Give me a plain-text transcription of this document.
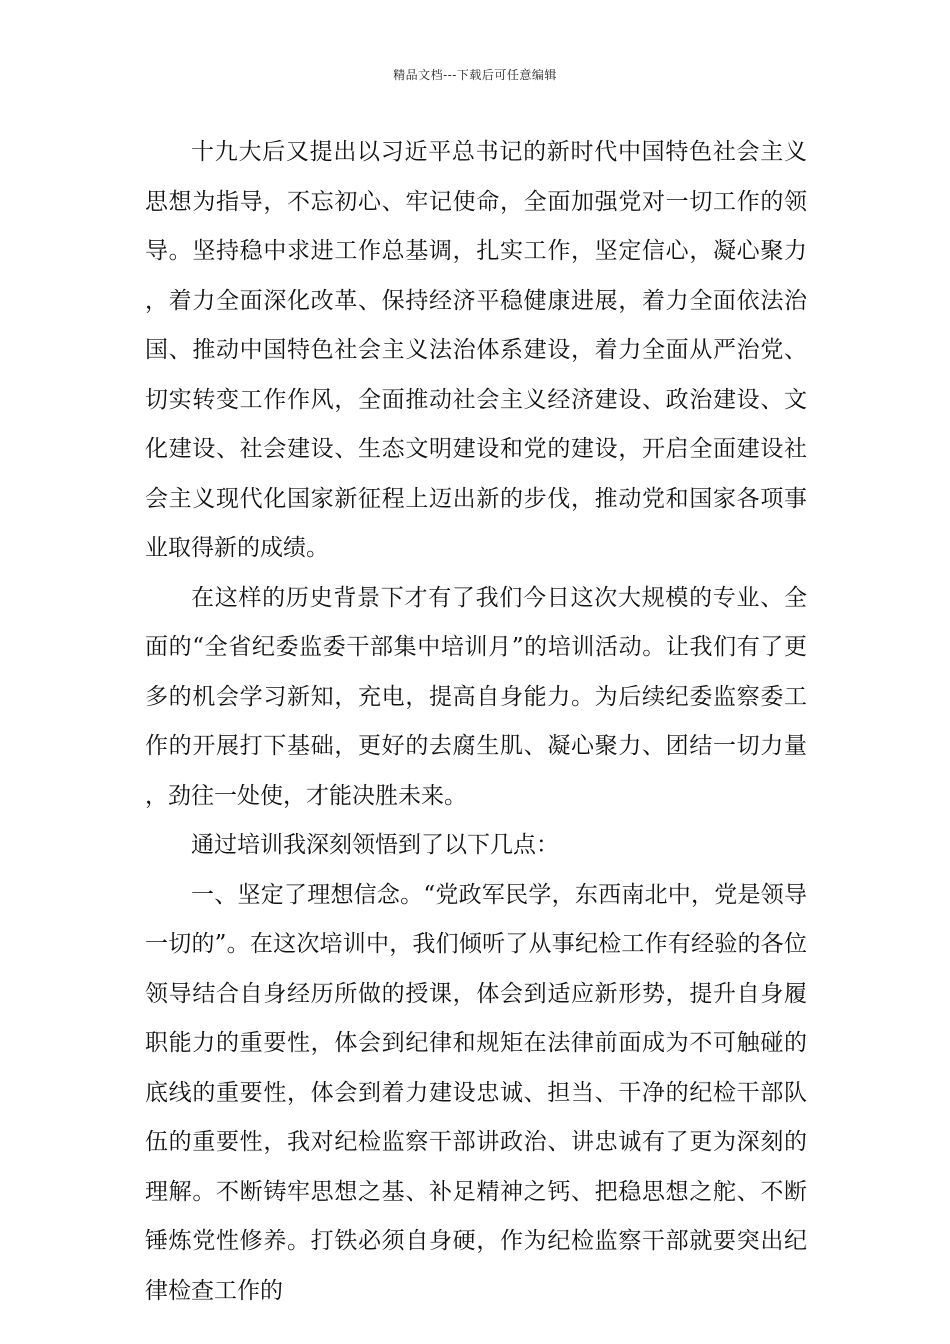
精品文档---下载后可任意编辑

十九大后又提出以习近平总书记的新时代中国特色社会主义思想为指导，不忘初心、牢记使命，全面加强党对一切工作的领导。坚持稳中求进工作总基调，扎实工作，坚定信心，凝心聚力，着力全面深化改革、保持经济平稳健康进展，着力全面依法治国、推动中国特色社会主义法治体系建设，着力全面从严治党、切实转变工作作风，全面推动社会主义经济建设、政治建设、文化建设、社会建设、生态文明建设和党的建设，开启全面建设社会主义现代化国家新征程上迈出新的步伐，推动党和国家各项事业取得新的成绩。

在这样的历史背景下才有了我们今日这次大规模的专业、全面的“全省纪委监委干部集中培训月”的培训活动。让我们有了更多的机会学习新知，充电，提高自身能力。为后续纪委监察委工作的开展打下基础，更好的去腐生肌、凝心聚力、团结一切力量，劲往一处使，才能决胜未来。

通过培训我深刻领悟到了以下几点：

一、坚定了理想信念。“党政军民学，东西南北中，党是领导一切的”。在这次培训中，我们倾听了从事纪检工作有经验的各位领导结合自身经历所做的授课，体会到适应新形势，提升自身履职能力的重要性，体会到纪律和规矩在法律前面成为不可触碰的底线的重要性，体会到着力建设忠诚、担当、干净的纪检干部队伍的重要性，我对纪检监察干部讲政治、讲忠诚有了更为深刻的理解。不断铸牢思想之基、补足精神之钙、把稳思想之舵、不断锤炼党性修养。打铁必须自身硬，作为纪检监察干部就要突出纪律检查工作的
